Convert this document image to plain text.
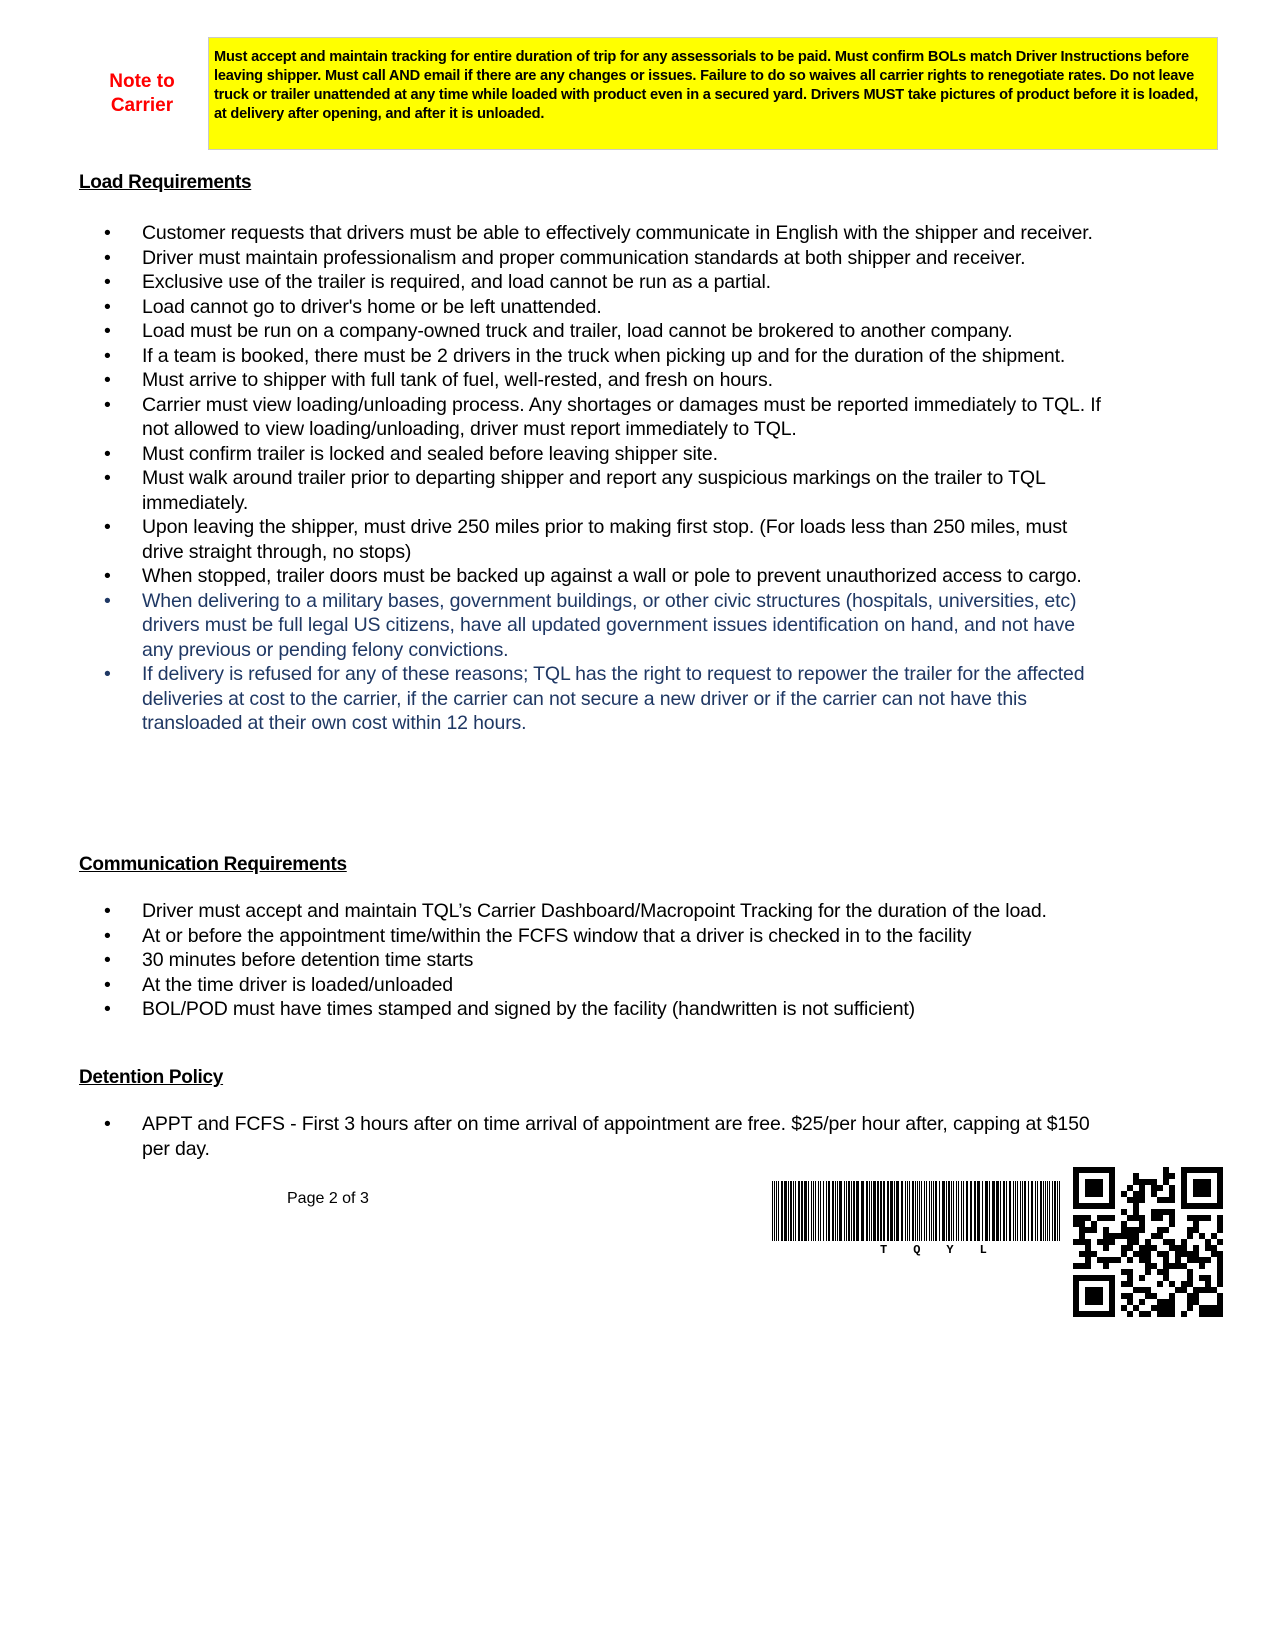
Note to
Carrier
Must accept and maintain tracking for entire duration of trip for any assessorials to be paid. Must confirm BOLs match Driver Instructions before leaving shipper. Must call AND email if there are any changes or issues. Failure to do so waives all carrier rights to renegotiate rates. Do not leave truck or trailer unattended at any time while loaded with product even in a secured yard. Drivers MUST take pictures of product before it is loaded, at delivery after opening, and after it is unloaded.
Load Requirements
• Customer requests that drivers must be able to effectively communicate in English with the shipper and receiver.
• Driver must maintain professionalism and proper communication standards at both shipper and receiver.
• Exclusive use of the trailer is required, and load cannot be run as a partial.
• Load cannot go to driver's home or be left unattended.
• Load must be run on a company-owned truck and trailer, load cannot be brokered to another company.
• If a team is booked, there must be 2 drivers in the truck when picking up and for the duration of the shipment.
• Must arrive to shipper with full tank of fuel, well-rested, and fresh on hours.
• Carrier must view loading/unloading process. Any shortages or damages must be reported immediately to TQL. If not allowed to view loading/unloading, driver must report immediately to TQL.
• Must confirm trailer is locked and sealed before leaving shipper site.
• Must walk around trailer prior to departing shipper and report any suspicious markings on the trailer to TQL immediately.
• Upon leaving the shipper, must drive 250 miles prior to making first stop. (For loads less than 250 miles, must drive straight through, no stops)
• When stopped, trailer doors must be backed up against a wall or pole to prevent unauthorized access to cargo.
• When delivering to a military bases, government buildings, or other civic structures (hospitals, universities, etc) drivers must be full legal US citizens, have all updated government issues identification on hand, and not have any previous or pending felony convictions.
• If delivery is refused for any of these reasons; TQL has the right to request to repower the trailer for the affected deliveries at cost to the carrier, if the carrier can not secure a new driver or if the carrier can not have this transloaded at their own cost within 12 hours.
Communication Requirements
• Driver must accept and maintain TQL’s Carrier Dashboard/Macropoint Tracking for the duration of the load.
• At or before the appointment time/within the FCFS window that a driver is checked in to the facility
• 30 minutes before detention time starts
• At the time driver is loaded/unloaded
• BOL/POD must have times stamped and signed by the facility (handwritten is not sufficient)
Detention Policy
• APPT and FCFS - First 3 hours after on time arrival of appointment are free. $25/per hour after, capping at $150 per day.
Page 2 of 3
TQYL
